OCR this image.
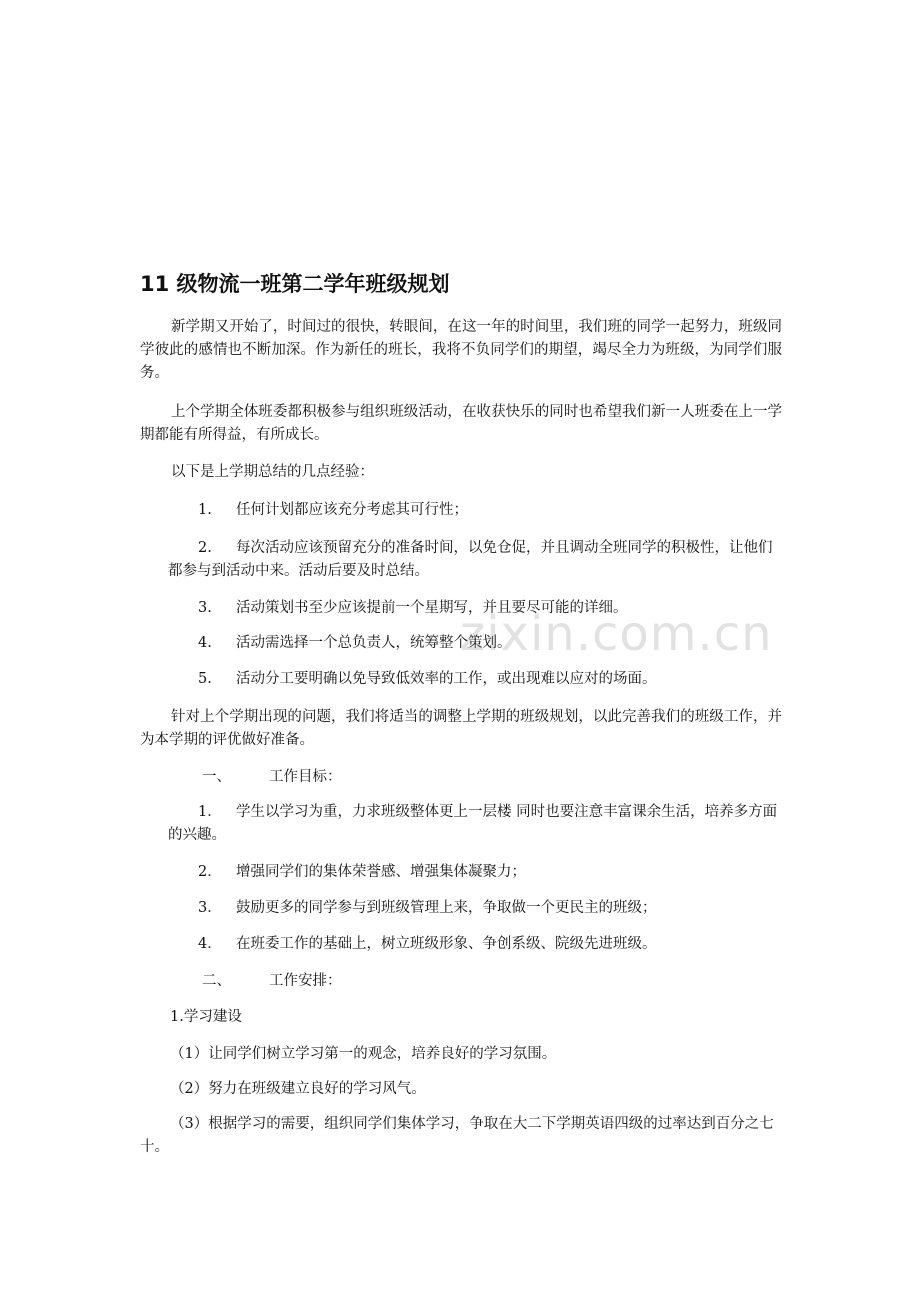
11 级物流一班第二学年班级规划

新学期又开始了，时间过的很快，转眼间，在这一年的时间里，我们班的同学一起努力，班级同学彼此的感情也不断加深。作为新任的班长，我将不负同学们的期望，竭尽全力为班级，为同学们服务。

上个学期全体班委都积极参与组织班级活动，在收获快乐的同时也希望我们新一人班委在上一学期都能有所得益，有所成长。

以下是上学期总结的几点经验：

1. 任何计划都应该充分考虑其可行性；

2. 每次活动应该预留充分的准备时间，以免仓促，并且调动全班同学的积极性，让他们都参与到活动中来。活动后要及时总结。

3. 活动策划书至少应该提前一个星期写，并且要尽可能的详细。

4. 活动需选择一个总负责人，统筹整个策划。

5. 活动分工要明确以免导致低效率的工作，或出现难以应对的场面。

针对上个学期出现的问题，我们将适当的调整上学期的班级规划，以此完善我们的班级工作，并为本学期的评优做好准备。

一、	工作目标：

1． 学生以学习为重，力求班级整体更上一层楼 同时也要注意丰富课余生活，培养多方面的兴趣。

2． 增强同学们的集体荣誉感、增强集体凝聚力；

3． 鼓励更多的同学参与到班级管理上来，争取做一个更民主的班级；

4． 在班委工作的基础上，树立班级形象、争创系级、院级先进班级。

二、	工作安排：

1.学习建设

（1）让同学们树立学习第一的观念，培养良好的学习氛围。

（2）努力在班级建立良好的学习风气。

（3）根据学习的需要，组织同学们集体学习，争取在大二下学期英语四级的过率达到百分之七十。

zixin.com.cn
